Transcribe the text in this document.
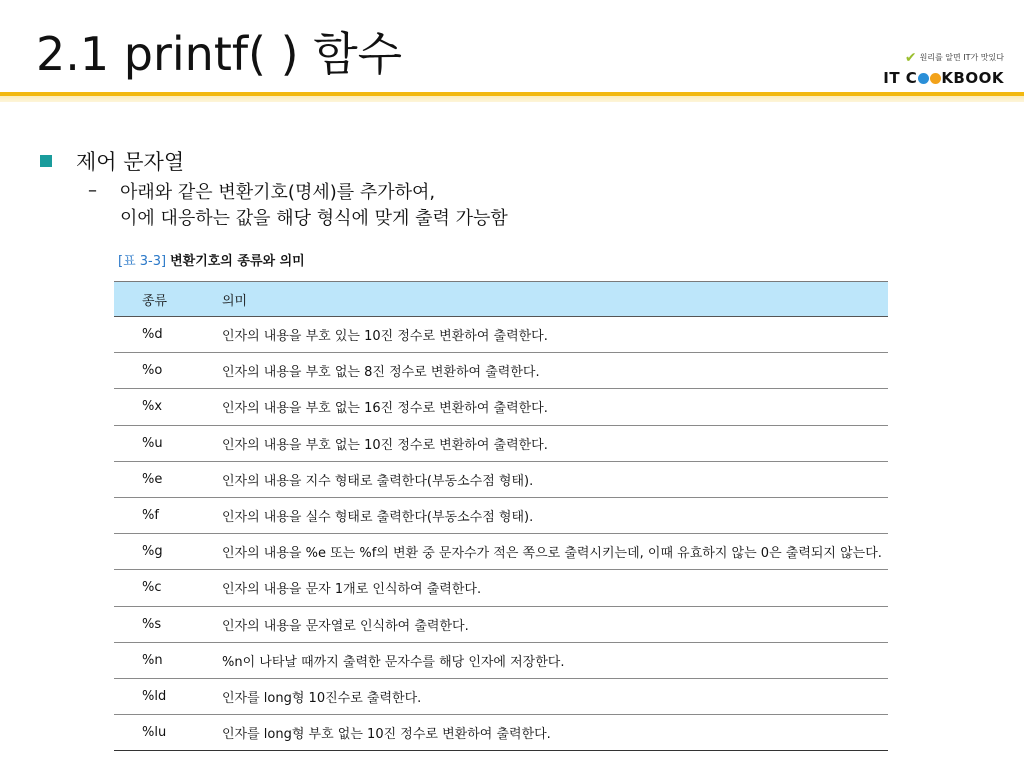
2.1 printf( ) 함수	✔ 원리를 알면 IT가 맛있다
IT C KBOOK
제어 문자열
–	아래와 같은 변환기호(명세)를 추가하여,
이에 대응하는 값을 해당 형식에 맞게 출력 가능함
[표 3-3] 변환기호의 종류와 의미
종류	의미
%d	인자의 내용을 부호 있는 10진 정수로 변환하여 출력한다.
%o	인자의 내용을 부호 없는 8진 정수로 변환하여 출력한다.
%x	인자의 내용을 부호 없는 16진 정수로 변환하여 출력한다.
%u	인자의 내용을 부호 없는 10진 정수로 변환하여 출력한다.
%e	인자의 내용을 지수 형태로 출력한다(부동소수점 형태).
%f	인자의 내용을 실수 형태로 출력한다(부동소수점 형태).
%g	인자의 내용을 %e 또는 %f의 변환 중 문자수가 적은 쪽으로 출력시키는데, 이때 유효하지 않는 0은 출력되지 않는다.
%c	인자의 내용을 문자 1개로 인식하여 출력한다.
%s	인자의 내용을 문자열로 인식하여 출력한다.
%n	%n이 나타날 때까지 출력한 문자수를 해당 인자에 저장한다.
%ld	인자를 long형 10진수로 출력한다.
%lu	인자를 long형 부호 없는 10진 정수로 변환하여 출력한다.
